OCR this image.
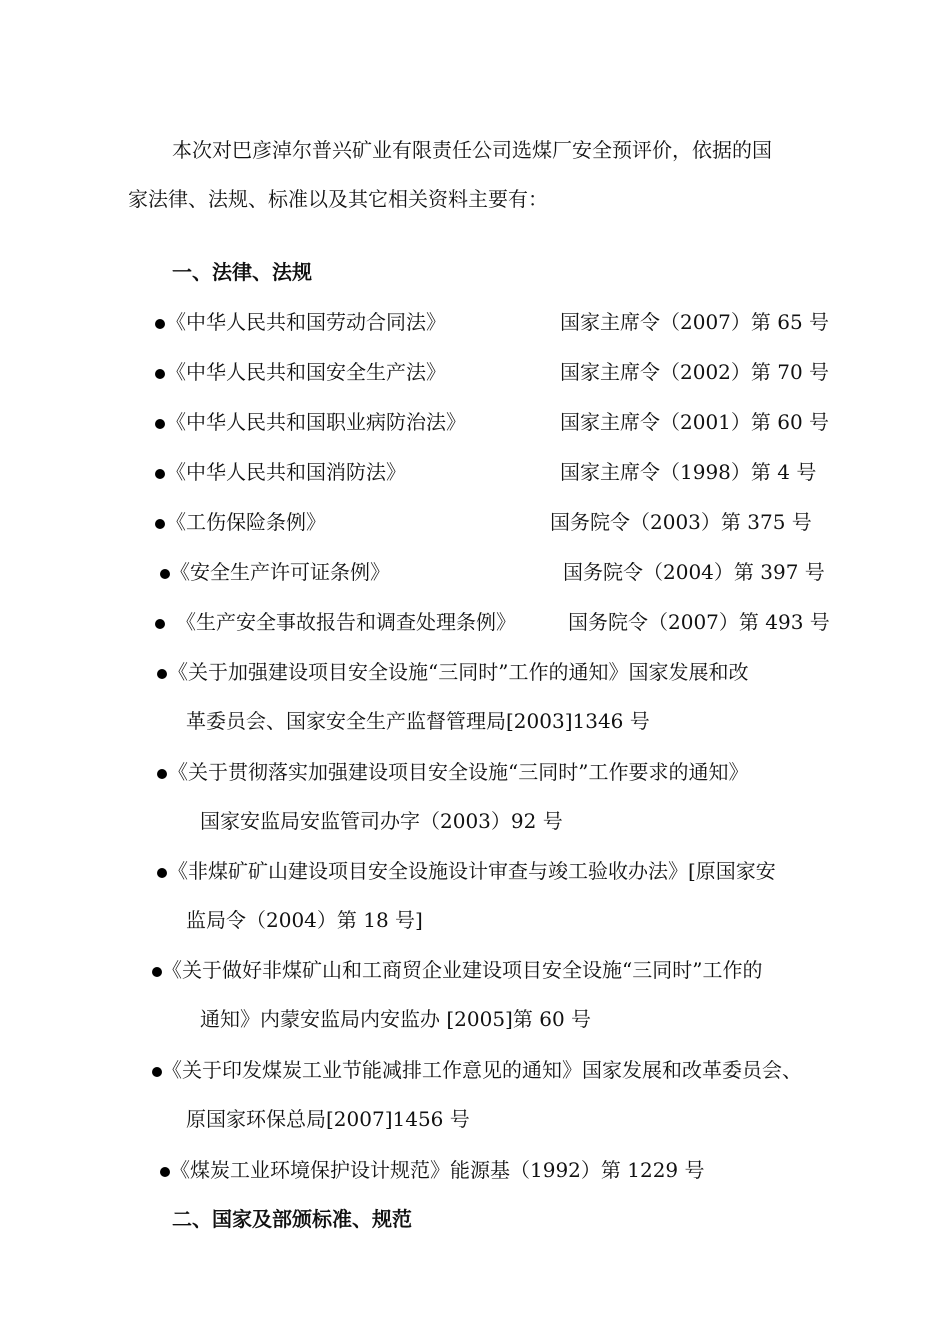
本次对巴彦淖尔普兴矿业有限责任公司选煤厂安全预评价，依据的国
家法律、法规、标准以及其它相关资料主要有：
一、法律、法规
《中华人民共和国劳动合同法》	国家主席令（2007）第 65 号
《中华人民共和国安全生产法》	国家主席令（2002）第 70 号
《中华人民共和国职业病防治法》	国家主席令（2001）第 60 号
《中华人民共和国消防法》	国家主席令（1998）第 4 号
《工伤保险条例》	国务院令（2003）第 375 号
《安全生产许可证条例》	国务院令（2004）第 397 号
《生产安全事故报告和调查处理条例》	国务院令（2007）第 493 号
《关于加强建设项目安全设施“三同时”工作的通知》国家发展和改
革委员会、国家安全生产监督管理局[2003]1346 号
《关于贯彻落实加强建设项目安全设施“三同时”工作要求的通知》
国家安监局安监管司办字（2003）92 号
《非煤矿矿山建设项目安全设施设计审查与竣工验收办法》[原国家安
监局令（2004）第 18 号]
《关于做好非煤矿山和工商贸企业建设项目安全设施“三同时”工作的
通知》内蒙安监局内安监办 [2005]第 60 号
《关于印发煤炭工业节能减排工作意见的通知》国家发展和改革委员会、
原国家环保总局[2007]1456 号
《煤炭工业环境保护设计规范》能源基（1992）第 1229 号
二、国家及部颁标准、规范
